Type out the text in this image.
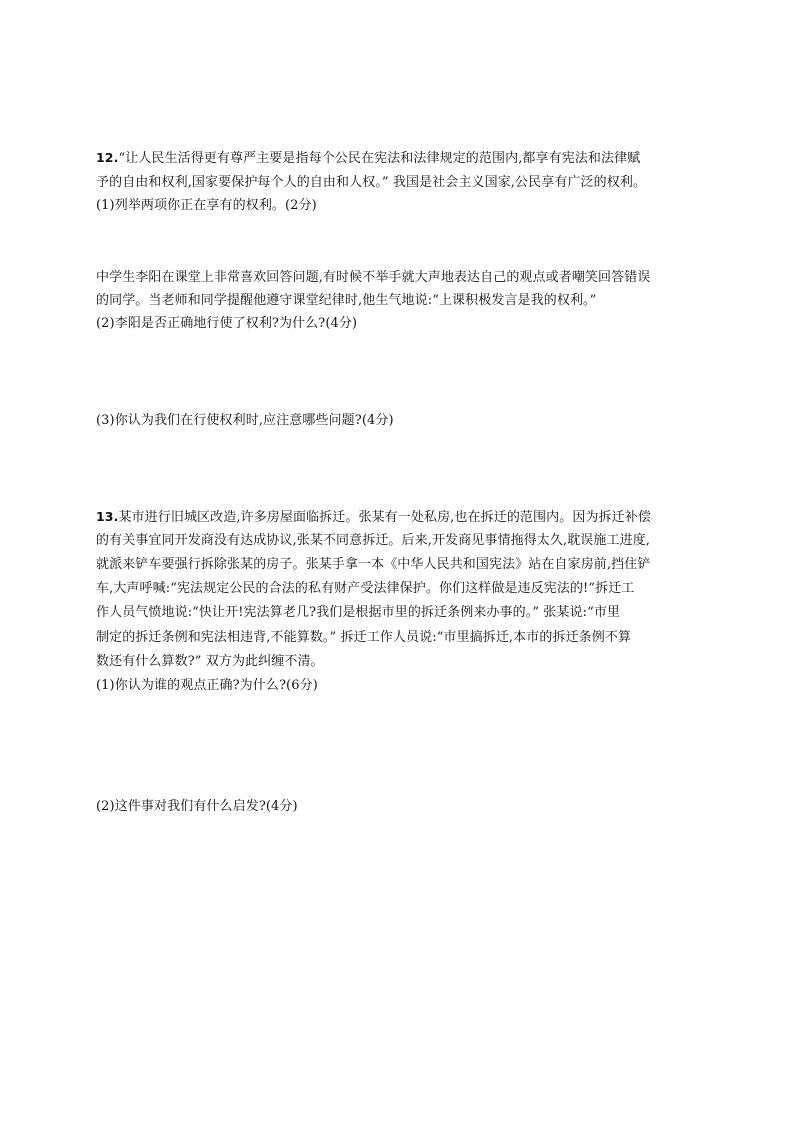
12.“让人民生活得更有尊严主要是指每个公民在宪法和法律规定的范围内,都享有宪法和法律赋
予的自由和权利,国家要保护每个人的自由和人权。” 我国是社会主义国家,公民享有广泛的权利。
(1)列举两项你正在享有的权利。(2分)
中学生李阳在课堂上非常喜欢回答问题,有时候不举手就大声地表达自己的观点或者嘲笑回答错误
的同学。当老师和同学提醒他遵守课堂纪律时,他生气地说:“上课积极发言是我的权利。”
(2)李阳是否正确地行使了权利?为什么?(4分)
(3)你认为我们在行使权利时,应注意哪些问题?(4分)
13.某市进行旧城区改造,许多房屋面临拆迁。张某有一处私房,也在拆迁的范围内。因为拆迁补偿
的有关事宜同开发商没有达成协议,张某不同意拆迁。后来,开发商见事情拖得太久,耽误施工进度,
就派来铲车要强行拆除张某的房子。张某手拿一本《中华人民共和国宪法》站在自家房前,挡住铲
车,大声呼喊:“宪法规定公民的合法的私有财产受法律保护。你们这样做是违反宪法的!”拆迁工
作人员气愤地说:“快让开!宪法算老几?我们是根据市里的拆迁条例来办事的。” 张某说:“市里
制定的拆迁条例和宪法相违背,不能算数。” 拆迁工作人员说:“市里搞拆迁,本市的拆迁条例不算
数还有什么算数?” 双方为此纠缠不清。
(1)你认为谁的观点正确?为什么?(6分)
(2)这件事对我们有什么启发?(4分)
